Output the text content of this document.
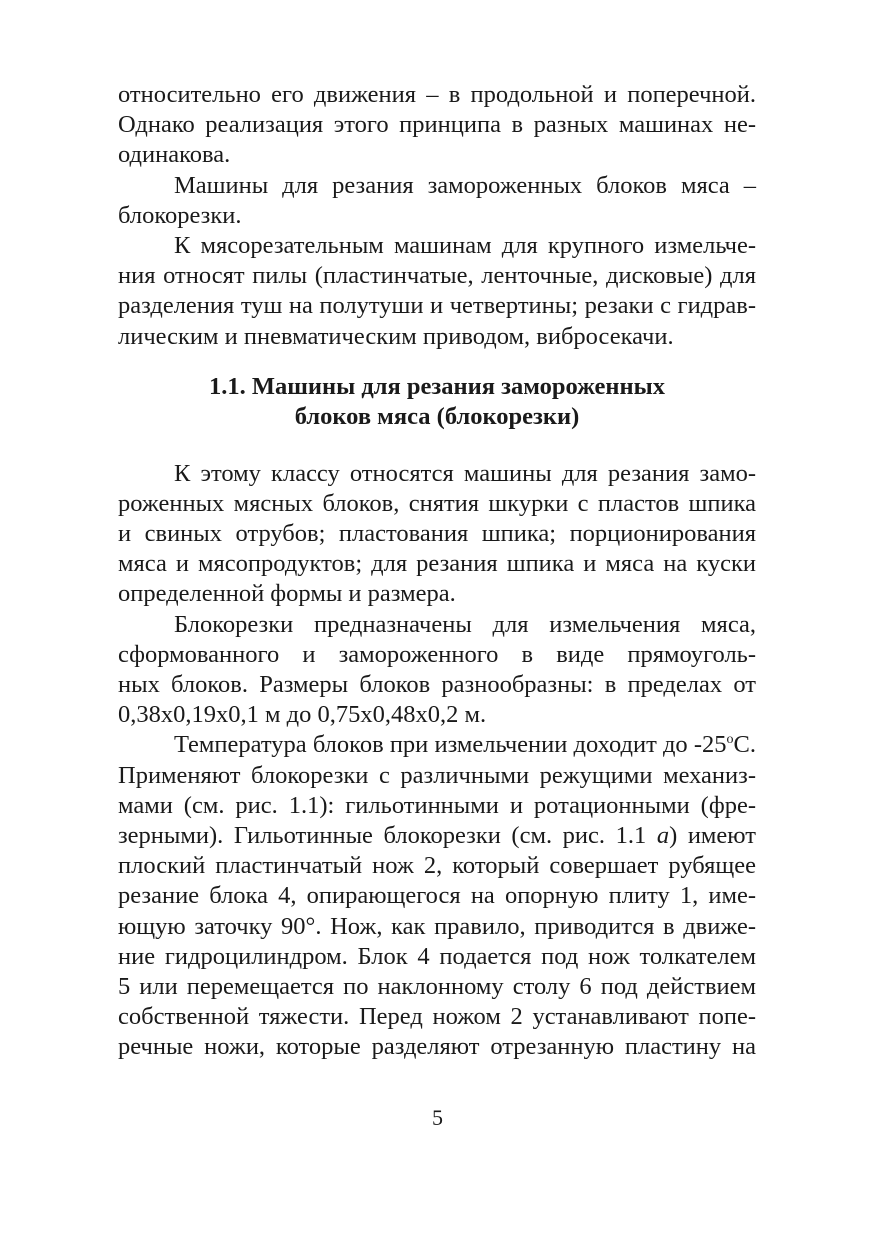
относительно его движения – в продольной и поперечной.
Однако реализация этого принципа в разных машинах не-
одинакова.
Машины для резания замороженных блоков мяса –
блокорезки.
К мясорезательным машинам для крупного измельче-
ния относят пилы (пластинчатые, ленточные, дисковые) для
разделения туш на полутуши и четвертины; резаки с гидрав-
лическим и пневматическим приводом, вибросекачи.
1.1. Машины для резания замороженных
блоков мяса (блокорезки)
К этому классу относятся машины для резания замо-
роженных мясных блоков, снятия шкурки с пластов шпика
и свиных отрубов; пластования шпика; порционирования
мяса и мясопродуктов; для резания шпика и мяса на куски
определенной формы и размера.
Блокорезки предназначены для измельчения мяса,
сформованного и замороженного в виде прямоуголь-
ных блоков. Размеры блоков разнообразны: в пределах от
0,38х0,19х0,1 м до 0,75х0,48х0,2 м.
Температура блоков при измельчении доходит до $-25^оС$.
Применяют блокорезки с различными режущими механиз-
мами (см. рис. 1.1): гильотинными и ротационными (фре-
зерными). Гильотинные блокорезки (см. рис. 1.1 а) имеют
плоский пластинчатый нож 2, который совершает рубящее
резание блока 4, опирающегося на опорную плиту 1, име-
ющую заточку 90°. Нож, как правило, приводится в движе-
ние гидроцилиндром. Блок 4 подается под нож толкателем
5 или перемещается по наклонному столу 6 под действием
собственной тяжести. Перед ножом 2 устанавливают попе-
речные ножи, которые разделяют отрезанную пластину на
5
